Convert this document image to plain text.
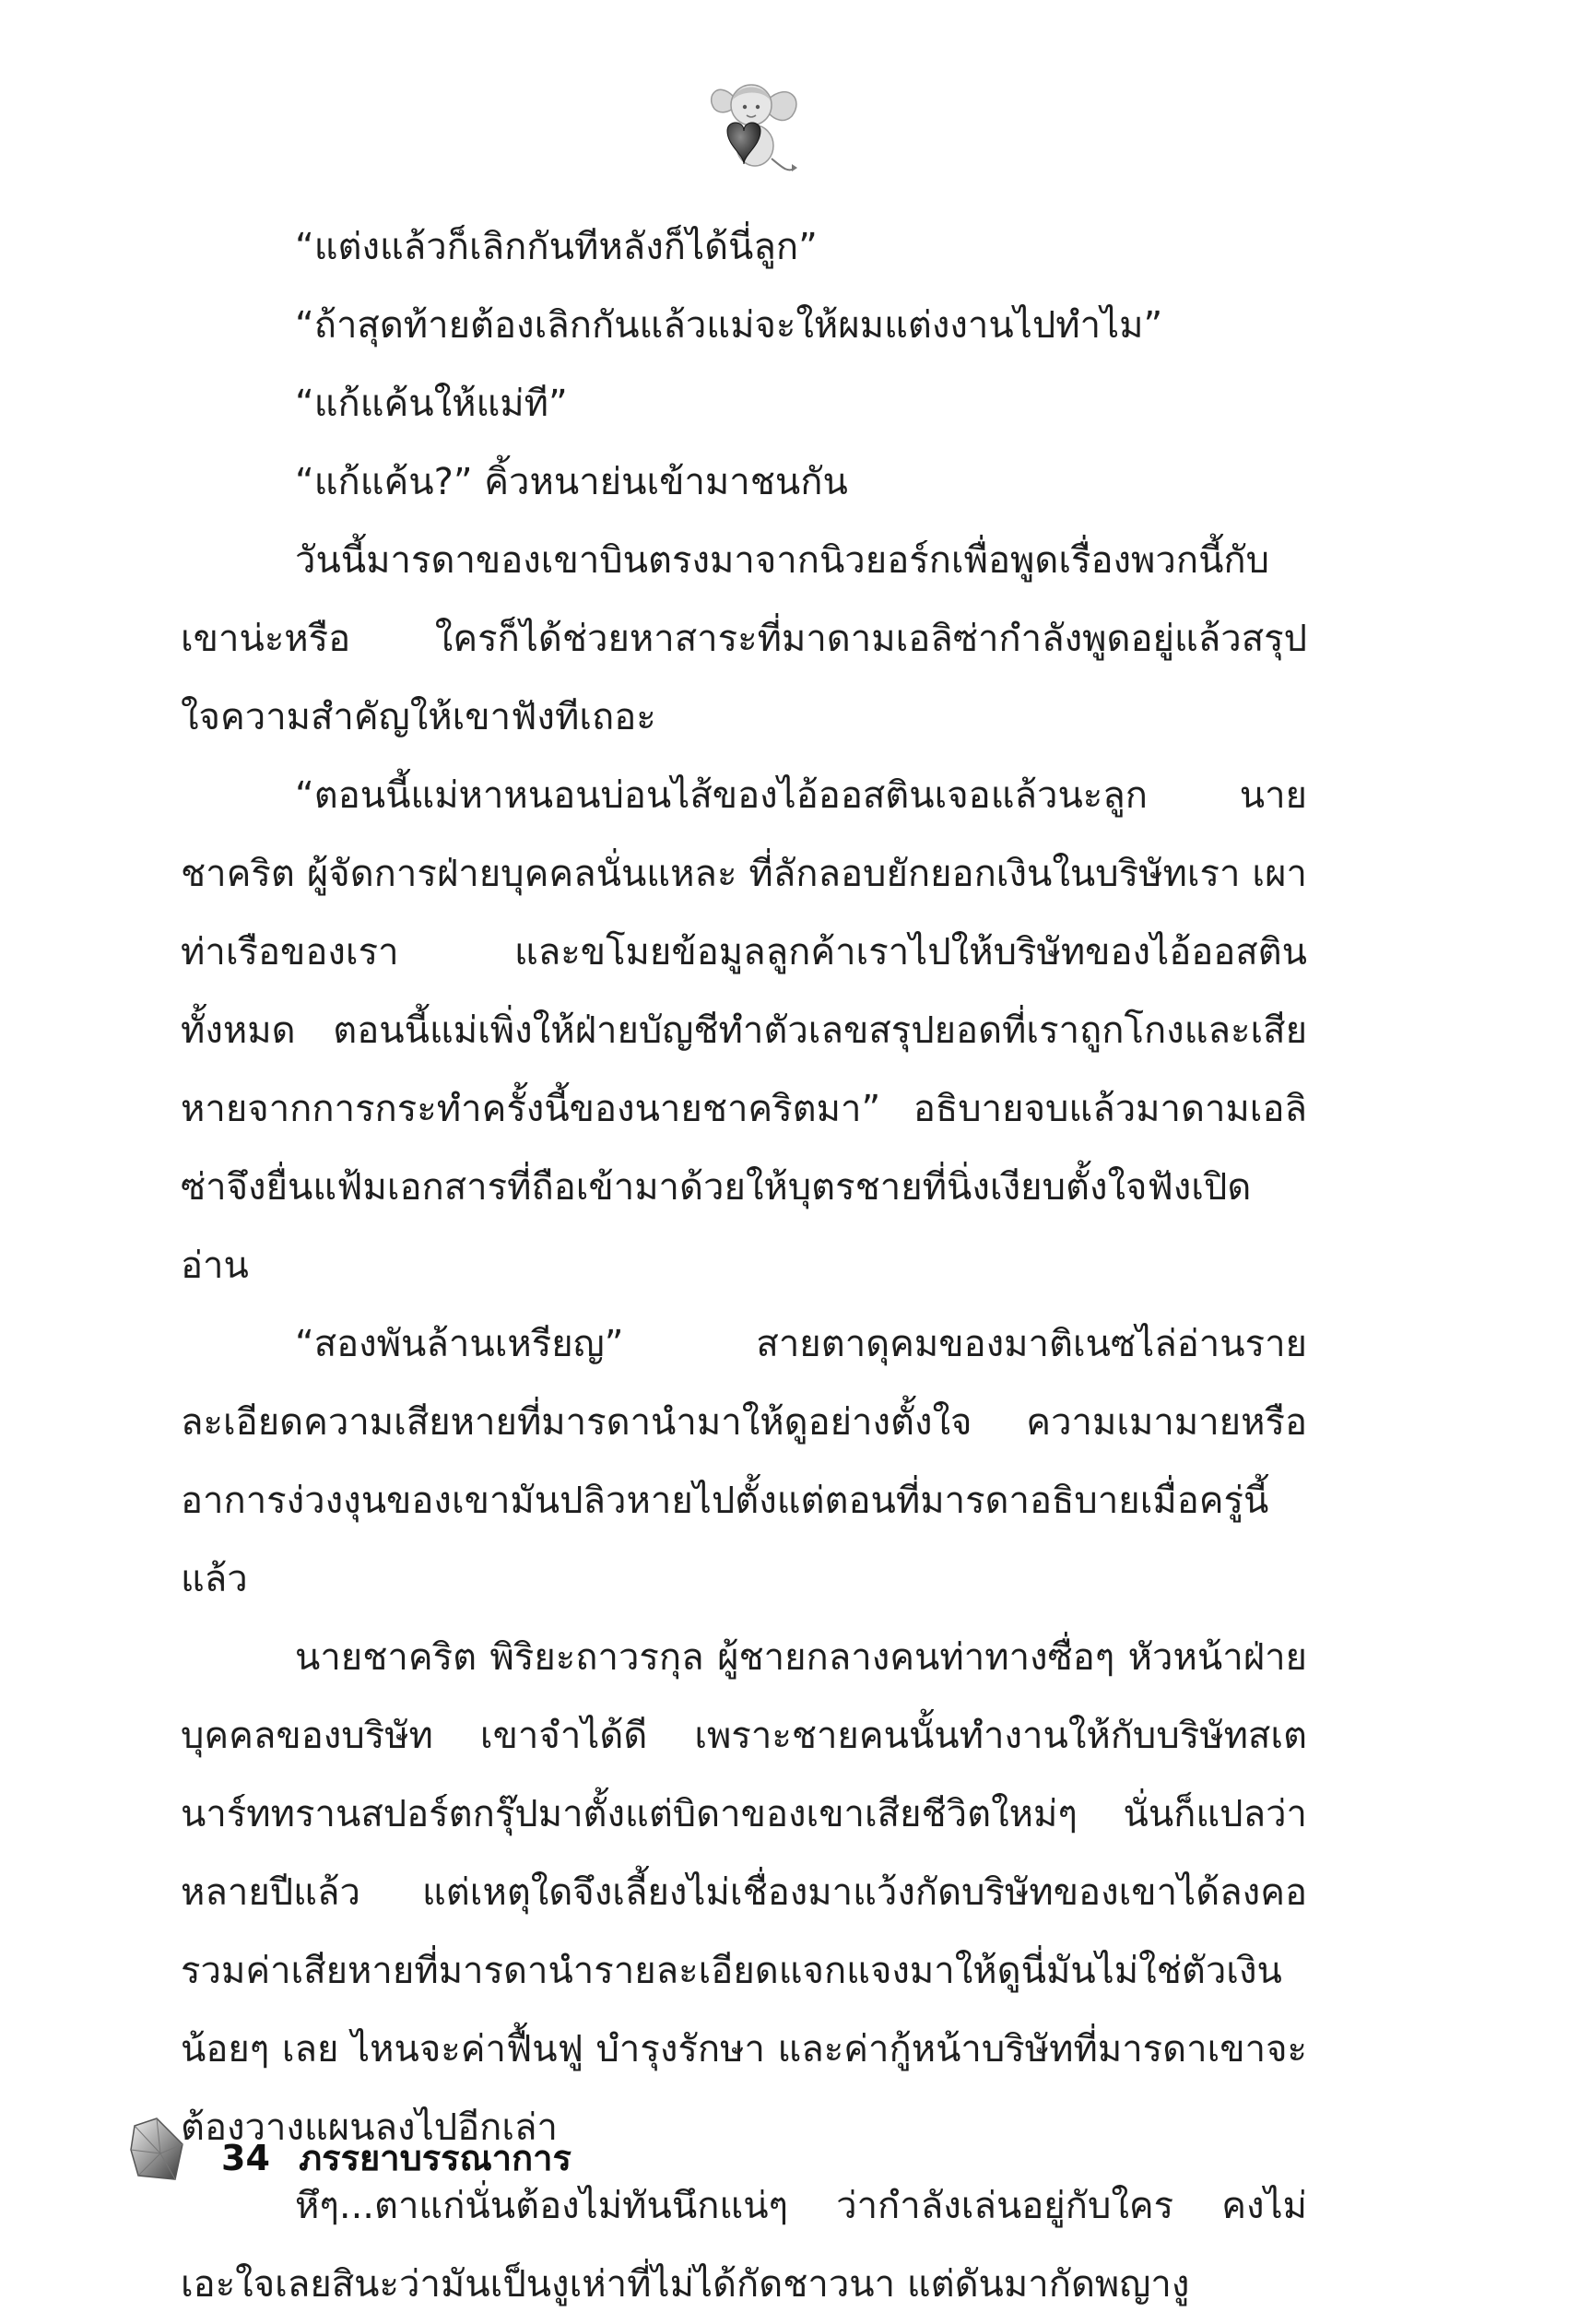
“แต่งแล้วก็เลิกกันทีหลังก็ได้นี่ลูก”

“ถ้าสุดท้ายต้องเลิกกันแล้วแม่จะให้ผมแต่งงานไปทำไม”

“แก้แค้นให้แม่ที”

“แก้แค้น?” คิ้วหนาย่นเข้ามาชนกัน

วันนี้มารดาของเขาบินตรงมาจากนิวยอร์กเพื่อพูดเรื่องพวกนี้กับเขาน่ะหรือ ใครก็ได้ช่วยหาสาระที่มาดามเอลิซ่ากำลังพูดอยู่แล้วสรุปใจความสำคัญให้เขาฟังทีเถอะ

“ตอนนี้แม่หาหนอนบ่อนไส้ของไอ้ออสตินเจอแล้วนะลูก นายชาคริต ผู้จัดการฝ่ายบุคคลนั่นแหละ ที่ลักลอบยักยอกเงินในบริษัทเรา เผาท่าเรือของเรา และขโมยข้อมูลลูกค้าเราไปให้บริษัทของไอ้ออสตินทั้งหมด ตอนนี้แม่เพิ่งให้ฝ่ายบัญชีทำตัวเลขสรุปยอดที่เราถูกโกงและเสียหายจากการกระทำครั้งนี้ของนายชาคริตมา” อธิบายจบแล้วมาดามเอลิซ่าจึงยื่นแฟ้มเอกสารที่ถือเข้ามาด้วยให้บุตรชายที่นิ่งเงียบตั้งใจฟังเปิดอ่าน

“สองพันล้านเหรียญ” สายตาดุคมของมาติเนซไล่อ่านรายละเอียดความเสียหายที่มารดานำมาให้ดูอย่างตั้งใจ ความเมามายหรืออาการง่วงงุนของเขามันปลิวหายไปตั้งแต่ตอนที่มารดาอธิบายเมื่อครู่นี้แล้ว

นายชาคริต พิริยะถาวรกุล ผู้ชายกลางคนท่าทางซื่อๆ หัวหน้าฝ่ายบุคคลของบริษัท เขาจำได้ดี เพราะชายคนนั้นทำงานให้กับบริษัทสเตนาร์ททรานสปอร์ตกรุ๊ปมาตั้งแต่บิดาของเขาเสียชีวิตใหม่ๆ นั่นก็แปลว่าหลายปีแล้ว แต่เหตุใดจึงเลี้ยงไม่เชื่องมาแว้งกัดบริษัทของเขาได้ลงคอ รวมค่าเสียหายที่มารดานำรายละเอียดแจกแจงมาให้ดูนี่มันไม่ใช่ตัวเงินน้อยๆ เลย ไหนจะค่าฟื้นฟู บำรุงรักษา และค่ากู้หน้าบริษัทที่มารดาเขาจะต้องวางแผนลงไปอีกเล่า

หึๆ...ตาแก่นั่นต้องไม่ทันนึกแน่ๆ ว่ากำลังเล่นอยู่กับใคร คงไม่เอะใจเลยสินะว่ามันเป็นงูเห่าที่ไม่ได้กัดชาวนา แต่ดันมากัดพญางู

34 ภรรยาบรรณาการ
